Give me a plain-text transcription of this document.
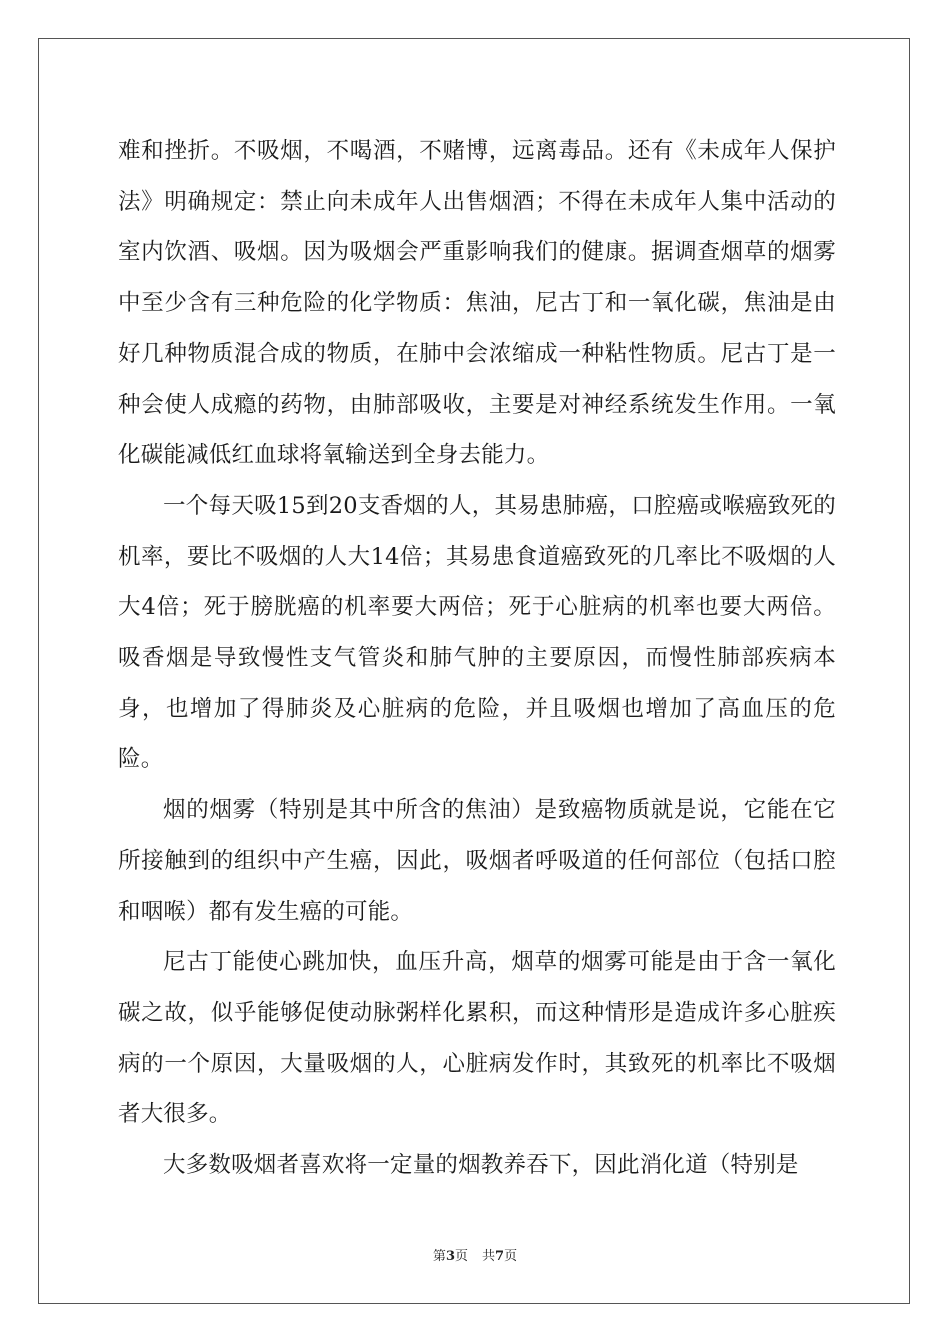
难和挫折。不吸烟，不喝酒，不赌博，远离毒品。还有《未成年人保护法》明确规定：禁止向未成年人出售烟酒；不得在未成年人集中活动的室内饮酒、吸烟。因为吸烟会严重影响我们的健康。据调查烟草的烟雾中至少含有三种危险的化学物质：焦油，尼古丁和一氧化碳，焦油是由好几种物质混合成的物质，在肺中会浓缩成一种粘性物质。尼古丁是一种会使人成瘾的药物，由肺部吸收，主要是对神经系统发生作用。一氧化碳能减低红血球将氧输送到全身去能力。

一个每天吸15到20支香烟的人，其易患肺癌，口腔癌或喉癌致死的机率，要比不吸烟的人大14倍；其易患食道癌致死的几率比不吸烟的人大4倍；死于膀胱癌的机率要大两倍；死于心脏病的机率也要大两倍。吸香烟是导致慢性支气管炎和肺气肿的主要原因，而慢性肺部疾病本身，也增加了得肺炎及心脏病的危险，并且吸烟也增加了高血压的危险。

烟的烟雾（特别是其中所含的焦油）是致癌物质就是说，它能在它所接触到的组织中产生癌，因此，吸烟者呼吸道的任何部位（包括口腔和咽喉）都有发生癌的可能。

尼古丁能使心跳加快，血压升高，烟草的烟雾可能是由于含一氧化碳之故，似乎能够促使动脉粥样化累积，而这种情形是造成许多心脏疾病的一个原因，大量吸烟的人，心脏病发作时，其致死的机率比不吸烟者大很多。

大多数吸烟者喜欢将一定量的烟教养吞下，因此消化道（特别是

第3页 共7页
